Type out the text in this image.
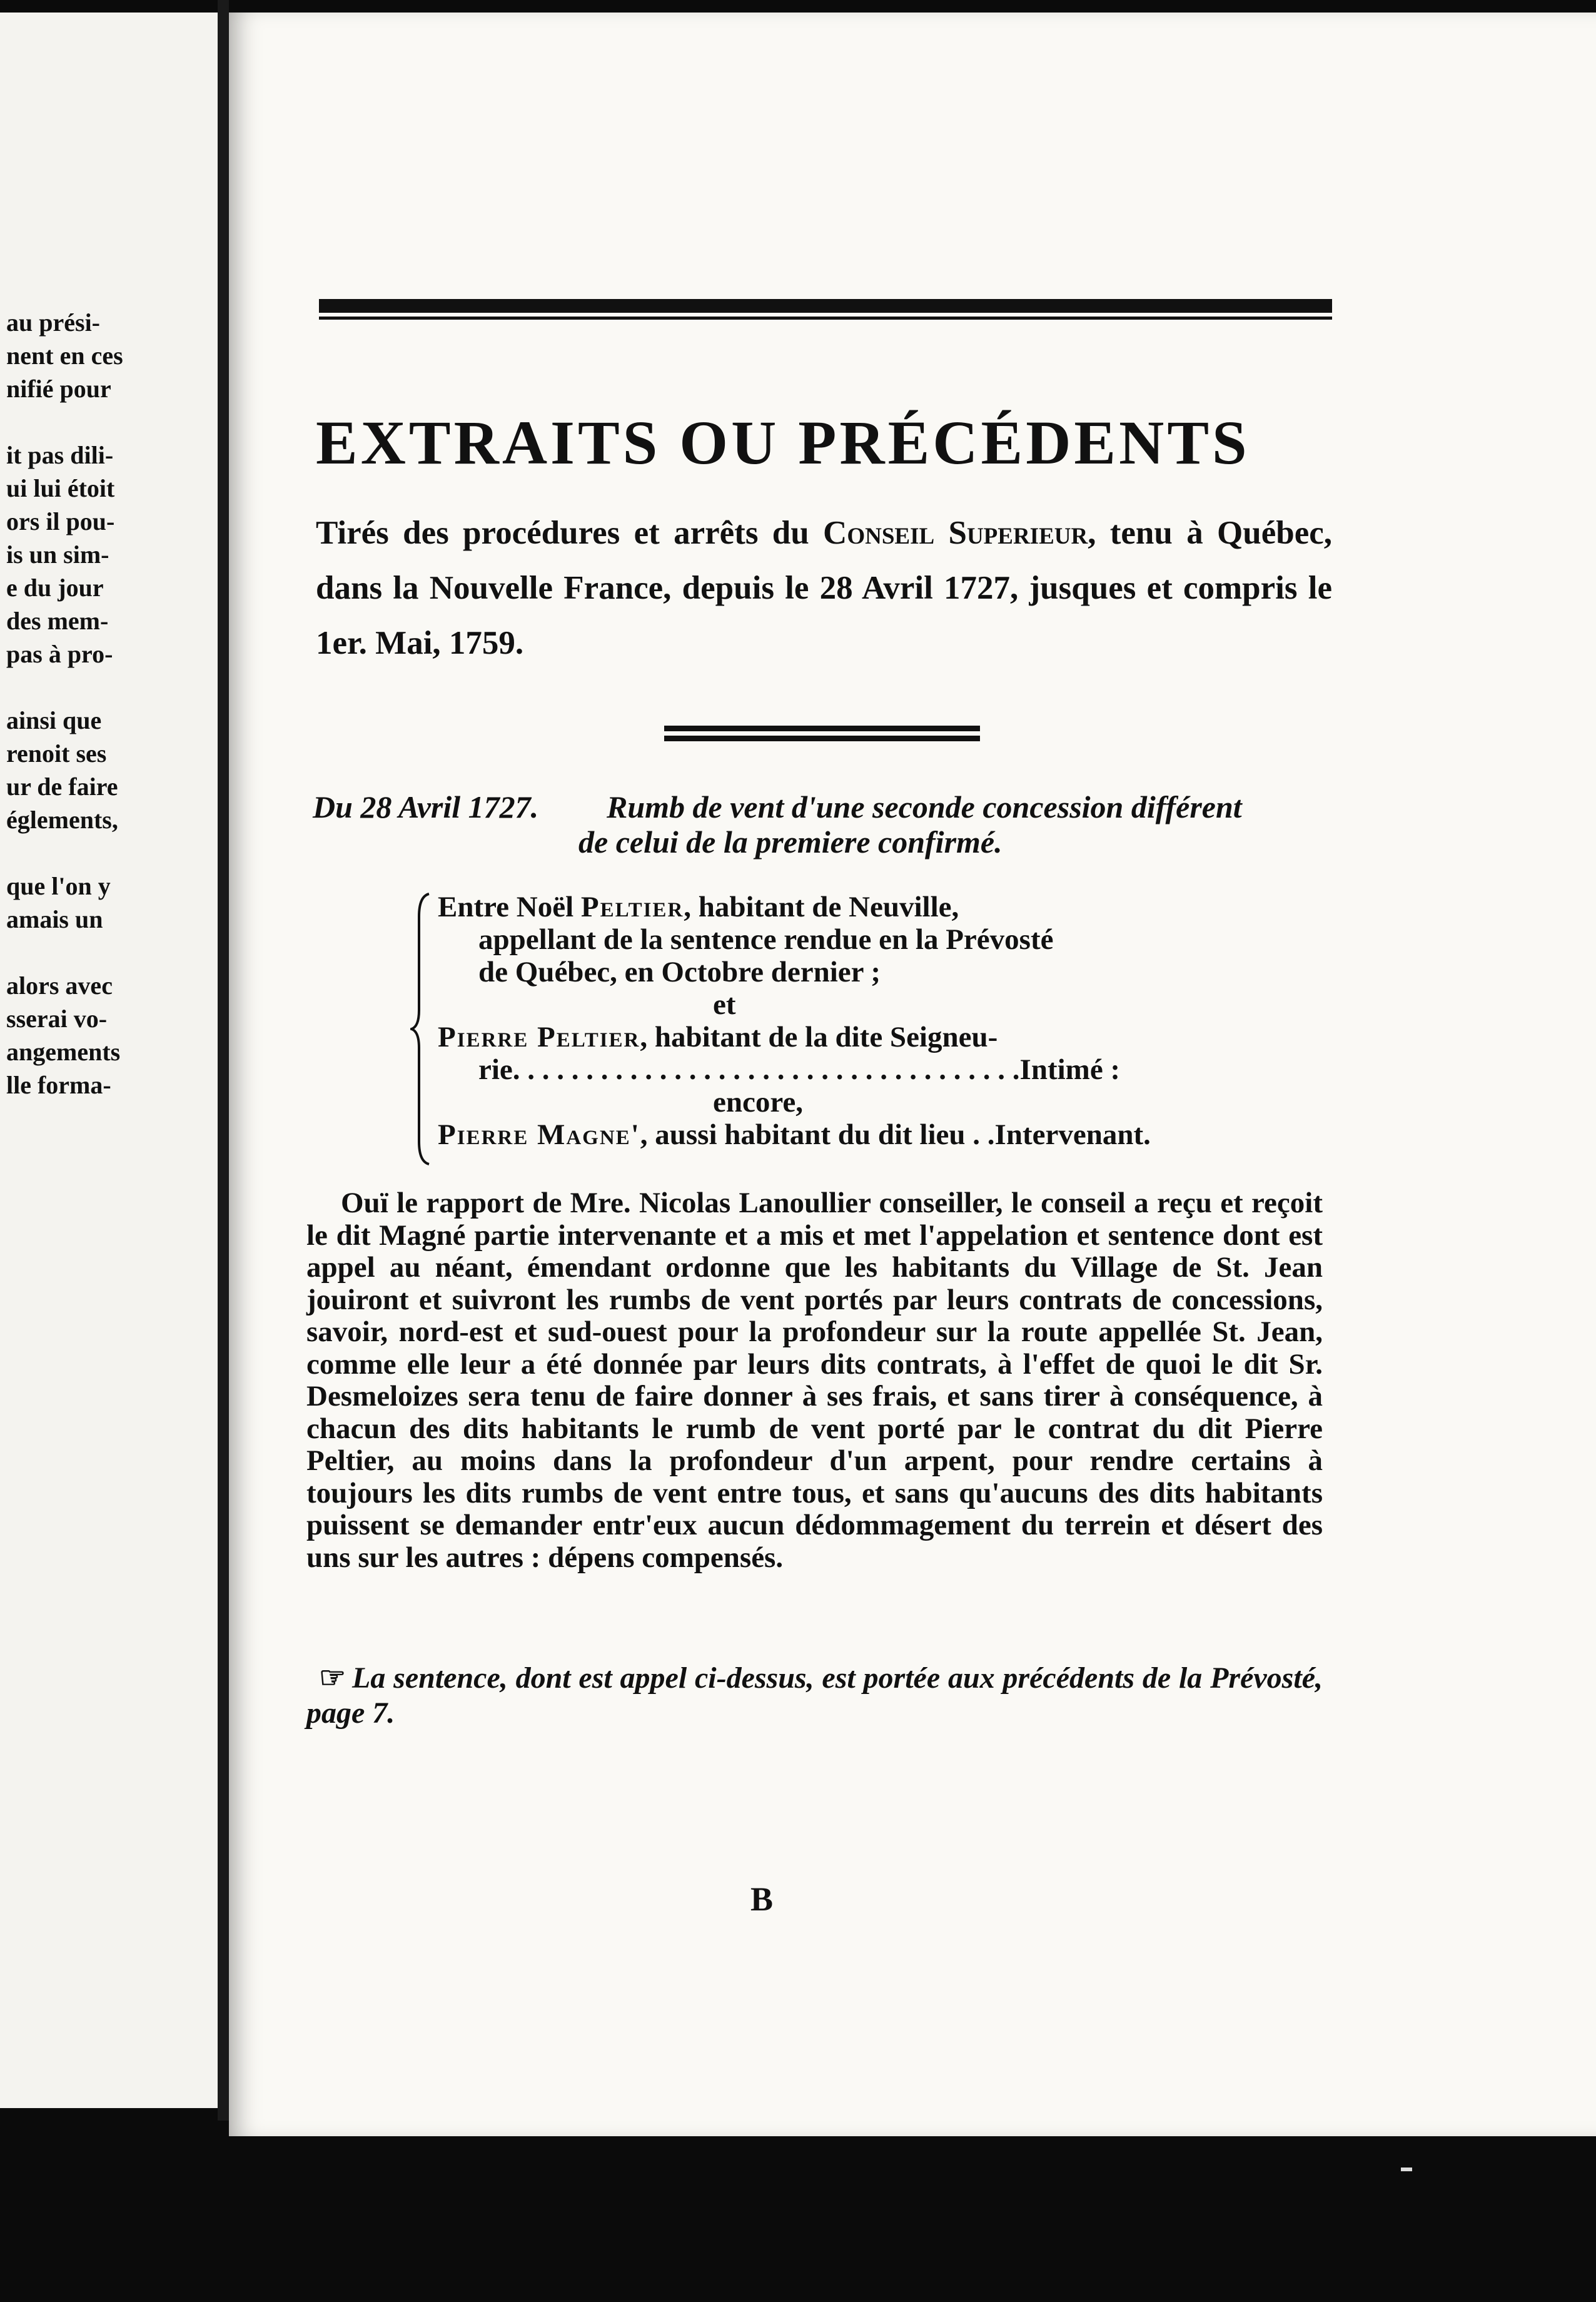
au prési-
nent en ces
nifié pour
it pas dili-
ui lui étoit
ors il pou-
is un sim-
e du jour
des mem-
pas à pro-
ainsi que
renoit ses
ur de faire
églements,
que l'on y
amais un
alors avec
sserai vo-
angements
lle forma-
EXTRAITS OU PRÉCÉDENTS
Tirés des procédures et arrêts du Conseil Superieur, tenu à Québec, dans la Nouvelle France, depuis le 28 Avril 1727, jusques et compris le 1er. Mai, 1759.
Du 28 Avril 1727. Rumb de vent d'une seconde concession différent
de celui de la premiere confirmé.
Entre Noël Peltier, habitant de Neuville,
appellant de la sentence rendue en la Prévosté
de Québec, en Octobre dernier ;
et
Pierre Peltier, habitant de la dite Seigneu-
rie. . . . . . . . . . . . . . . . . . . . . . . . . . . . . . . . . . .Intimé :
encore,
Pierre Magne', aussi habitant du dit lieu . .Intervenant.

Ouï le rapport de Mre. Nicolas Lanoullier conseiller, le conseil a reçu et reçoit le dit Magné partie intervenante et a mis et met l'appelation et sentence dont est appel au néant, émendant ordonne que les habitants du Village de St. Jean jouiront et suivront les rumbs de vent portés par leurs contrats de concessions, savoir, nord-est et sud-ouest pour la profondeur sur la route appellée St. Jean, comme elle leur a été donnée par leurs dits contrats, à l'effet de quoi le dit Sr. Desmeloizes sera tenu de faire donner à ses frais, et sans tirer à conséquence, à chacun des dits habitants le rumb de vent porté par le contrat du dit Pierre Peltier, au moins dans la profondeur d'un arpent, pour rendre certains à toujours les dits rumbs de vent entre tous, et sans qu'aucuns des dits habitants puissent se demander entr'eux aucun dédommagement du terrein et désert des uns sur les autres : dépens compensés.

☞ La sentence, dont est appel ci-dessus, est portée aux précédents de la Prévosté, page 7.
B
